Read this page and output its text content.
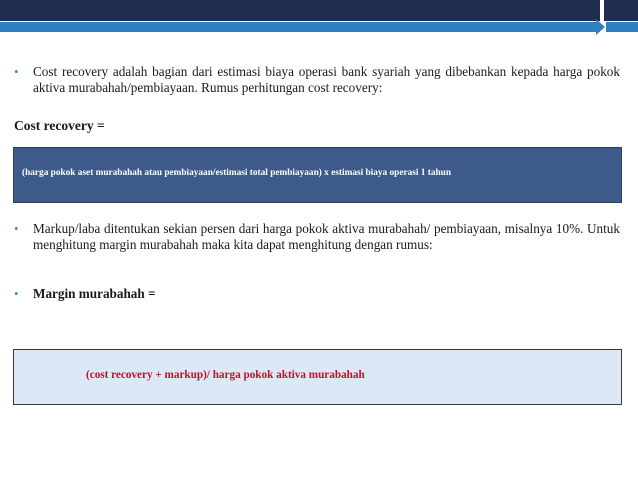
• Cost recovery adalah bagian dari estimasi biaya operasi bank syariah yang dibebankan kepada harga pokok aktiva murabahah/pembiayaan. Rumus perhitungan cost recovery:
Cost recovery =
(harga pokok aset murabahah atau pembiayaan/estimasi total pembiayaan) x estimasi biaya operasi 1 tahun
• Markup/laba ditentukan sekian persen dari harga pokok aktiva murabahah/ pembiayaan, misalnya 10%. Untuk menghitung margin murabahah maka kita dapat menghitung dengan rumus:
• Margin murabahah =
(cost recovery + markup)/ harga pokok aktiva murabahah
